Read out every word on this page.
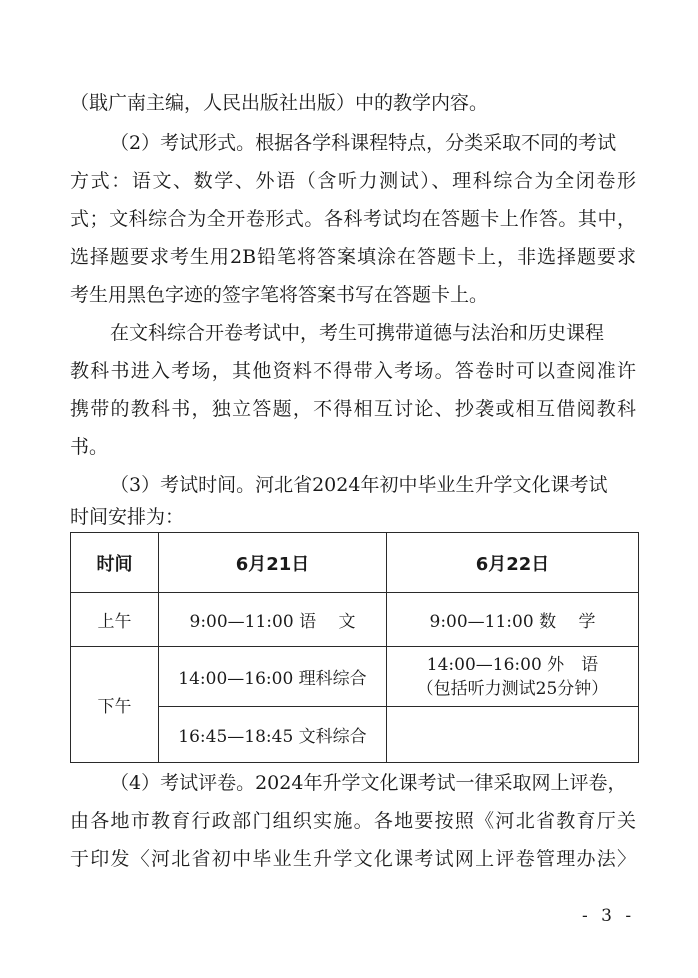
（戢广南主编，人民出版社出版）中的教学内容。
（2）考试形式。根据各学科课程特点，分类采取不同的考试
方式：语文、数学、外语（含听力测试）、理科综合为全闭卷形
式；文科综合为全开卷形式。各科考试均在答题卡上作答。其中，
选择题要求考生用2B铅笔将答案填涂在答题卡上，非选择题要求
考生用黑色字迹的签字笔将答案书写在答题卡上。
在文科综合开卷考试中，考生可携带道德与法治和历史课程
教科书进入考场，其他资料不得带入考场。答卷时可以查阅准许
携带的教科书，独立答题，不得相互讨论、抄袭或相互借阅教科
书。
（3）考试时间。河北省2024年初中毕业生升学文化课考试
时间安排为：
时间	6月21日	6月22日
上午	9:00—11:00 语　 文	9:00—11:00 数　 学
下午	14:00—16:00 理科综合	14:00—16:00 外　语
（包括听力测试25分钟）

	16:45—18:45 文科综合	
（4）考试评卷。2024年升学文化课考试一律采取网上评卷，
由各地市教育行政部门组织实施。各地要按照《河北省教育厅关
于印发〈河北省初中毕业生升学文化课考试网上评卷管理办法〉
- 3 -
